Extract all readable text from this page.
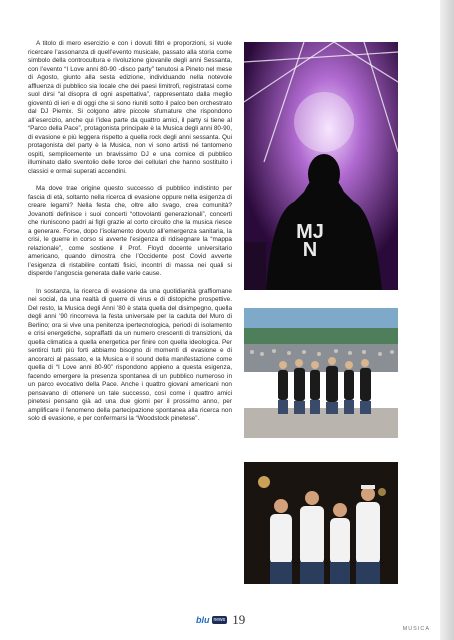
A titolo di mero esercizio e con i dovuti filtri e proporzioni, si vuole ricercare l’assonanza di quell’evento musicale, passato alla storia come simbolo della controcultura e rivoluzione giovanile degli anni Sessanta, con l’evento “I Love anni 80-90 -disco party” tenutosi a Pineto nel mese di Agosto, giunto alla sesta edizione, individuando nella notevole affluenza di pubblico sia locale che dei paesi limitrofi, registratasi come suol dirsi “al disopra di ogni aspettativa”, rappresentato dalla meglio gioventù di ieri e di oggi che si sono riuniti sotto il palco ben orchestrato dal DJ Piemix. Si colgono altre piccole sfumature che rispondono all’esercizio, anche qui l’idea parte da quattro amici, il party si tiene al “Parco della Pace”, protagonista principale è la Musica degli anni 80-90, di evasione e più leggera rispetto a quella rock degli anni sessanta. Qui protagonista del party è la Musica, non vi sono artisti né tantomeno ospiti, semplicemente un bravissimo DJ e una cornice di pubblico illuminato dallo sventolio delle torce dei cellulari che hanno sostituito i classici e ormai superati accendini.

Ma dove trae origine questo successo di pubblico indistinto per fascia di età, soltanto nella ricerca di evasione oppure nella esigenza di creare legami? Nella festa che, oltre allo svago, crea comunità? Jovanotti definisce i suoi concerti “ottovolanti generazionali”, concerti che riuniscono padri ai figli grazie al corto circuito che la musica riesce a generare. Forse, dopo l’isolamento dovuto all’emergenza sanitaria, la crisi, le guerre in corso si avverte l’esigenza di ridisegnare la “mappa relazionale”, come sostiene il Prof. Floyd docente universitario americano, quando dimostra che l’Occidente post Covid avverte l’esigenza di ristabilire contatti fisici, incontri di massa nei quali si disperde l’angoscia generata dalle varie cause.

In sostanza, la ricerca di evasione da una quotidianità graffiomane nei social, da una realtà di guerre di virus e di distopiche prospettive. Del resto, la Musica degli Anni ’80 è stata quella del disimpegno, quella degli anni ’90 rincorreva la festa universale per la caduta del Muro di Berlino; ora si vive una penitenza ipertecnologica, periodi di isolamento e crisi energetiche, sopraffatti da un numero crescenti di transizioni, da quella climatica a quella energetica per finire con quella ideologica. Per sentirci tutti più forti abbiamo bisogno di momenti di evasione e di ancorarci al passato, e la Musica e il sound della manifestazione come quella di “I Love anni 80-90” rispondono appieno a questa esigenza, facendo emergere la presenza spontanea di un pubblico numeroso in un parco evocativo della Pace. Anche i quattro giovani americani non pensavano di ottenere un tale successo, così come i quattro amici pinetesi pensano già ad una due giorni per il prossimo anno, per amplificare il fenomeno della partecipazione spontanea alla ricerca non solo di evasione, e per confermarsi la “Woodstock pinetese”.

MJ N
blu news 19
MUSICA
